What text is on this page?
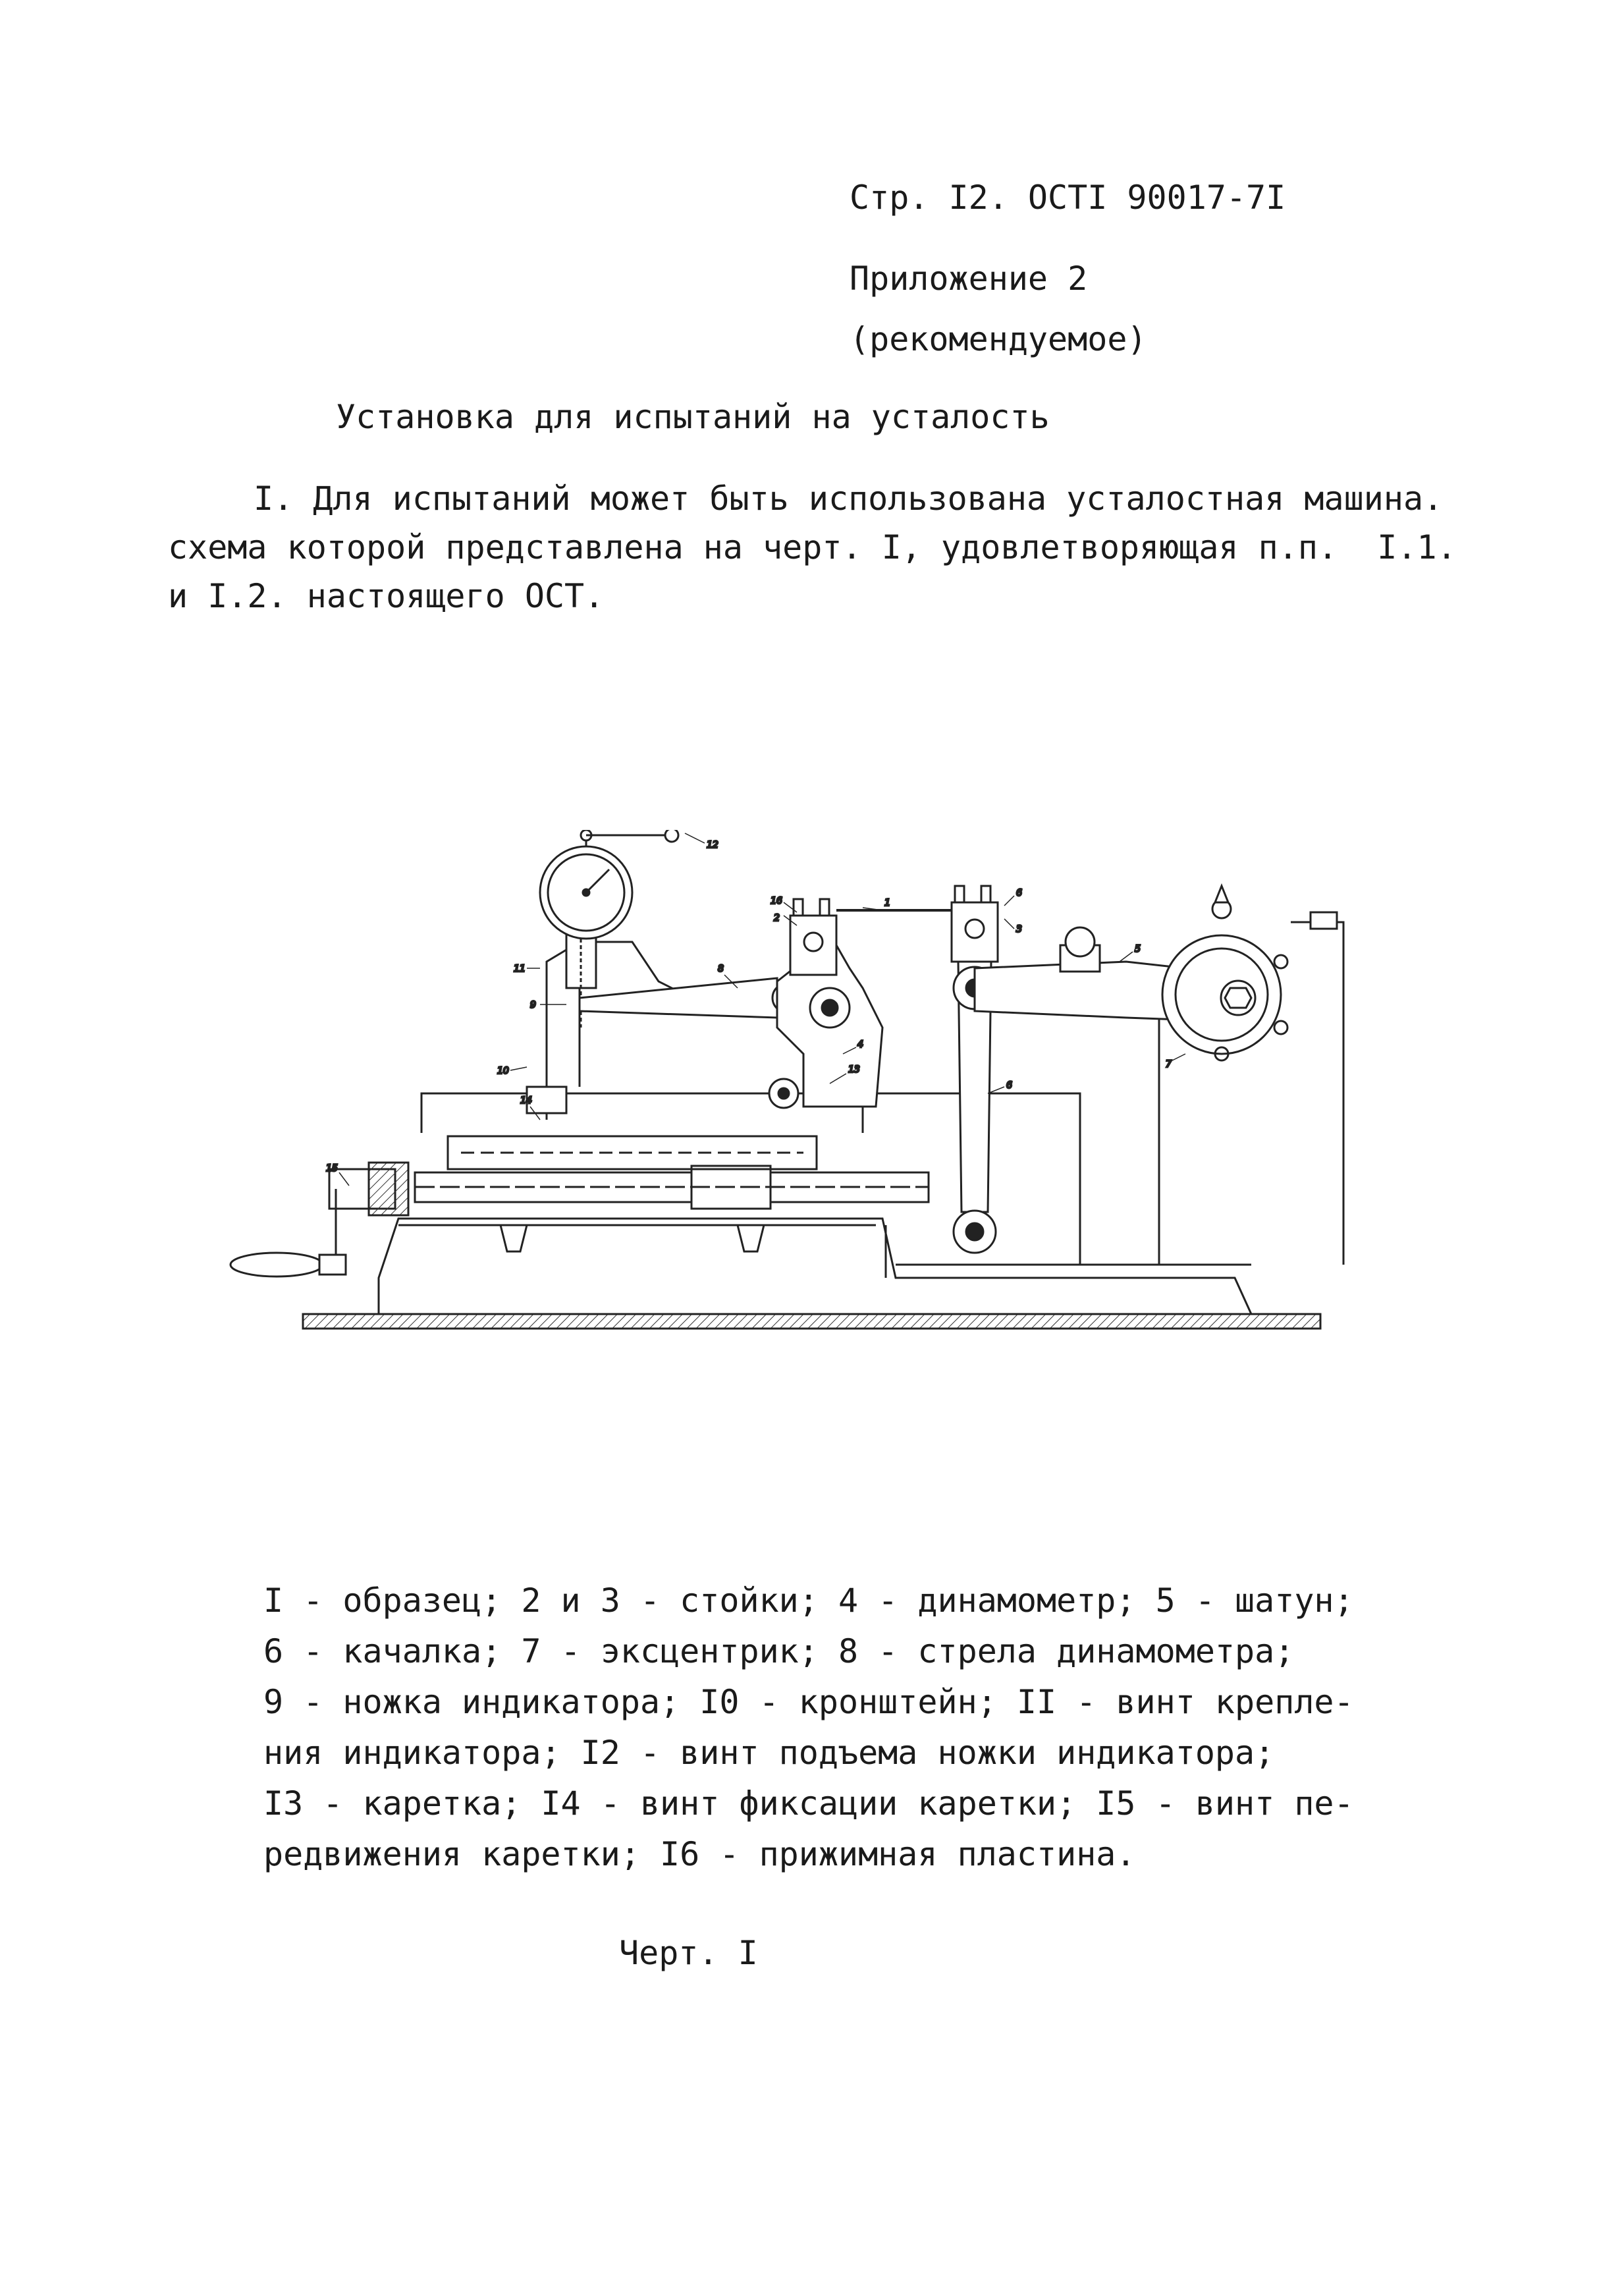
Стр. I2. ОСТI 90017-7I
Приложение 2
(рекомендуемое)
Установка для испытаний на усталость
I. Для испытаний может быть использована усталостная машина.
схема которой представлена на черт. I, удовлетворяющая п.п.  I.1.
и I.2. настоящего ОСТ.
1
2
3
4
5
6
6
7
8
9
10
11
12
13
14
15
16
I - образец; 2 и 3 - стойки; 4 - динамометр; 5 - шатун;
6 - качалка; 7 - эксцентрик; 8 - стрела динамометра;
9 - ножка индикатора; I0 - кронштейн; II - винт крепле-
ния индикатора; I2 - винт подъема ножки индикатора;
I3 - каретка; I4 - винт фиксации каретки; I5 - винт пе-
редвижения каретки; I6 - прижимная пластина.
Черт. I
